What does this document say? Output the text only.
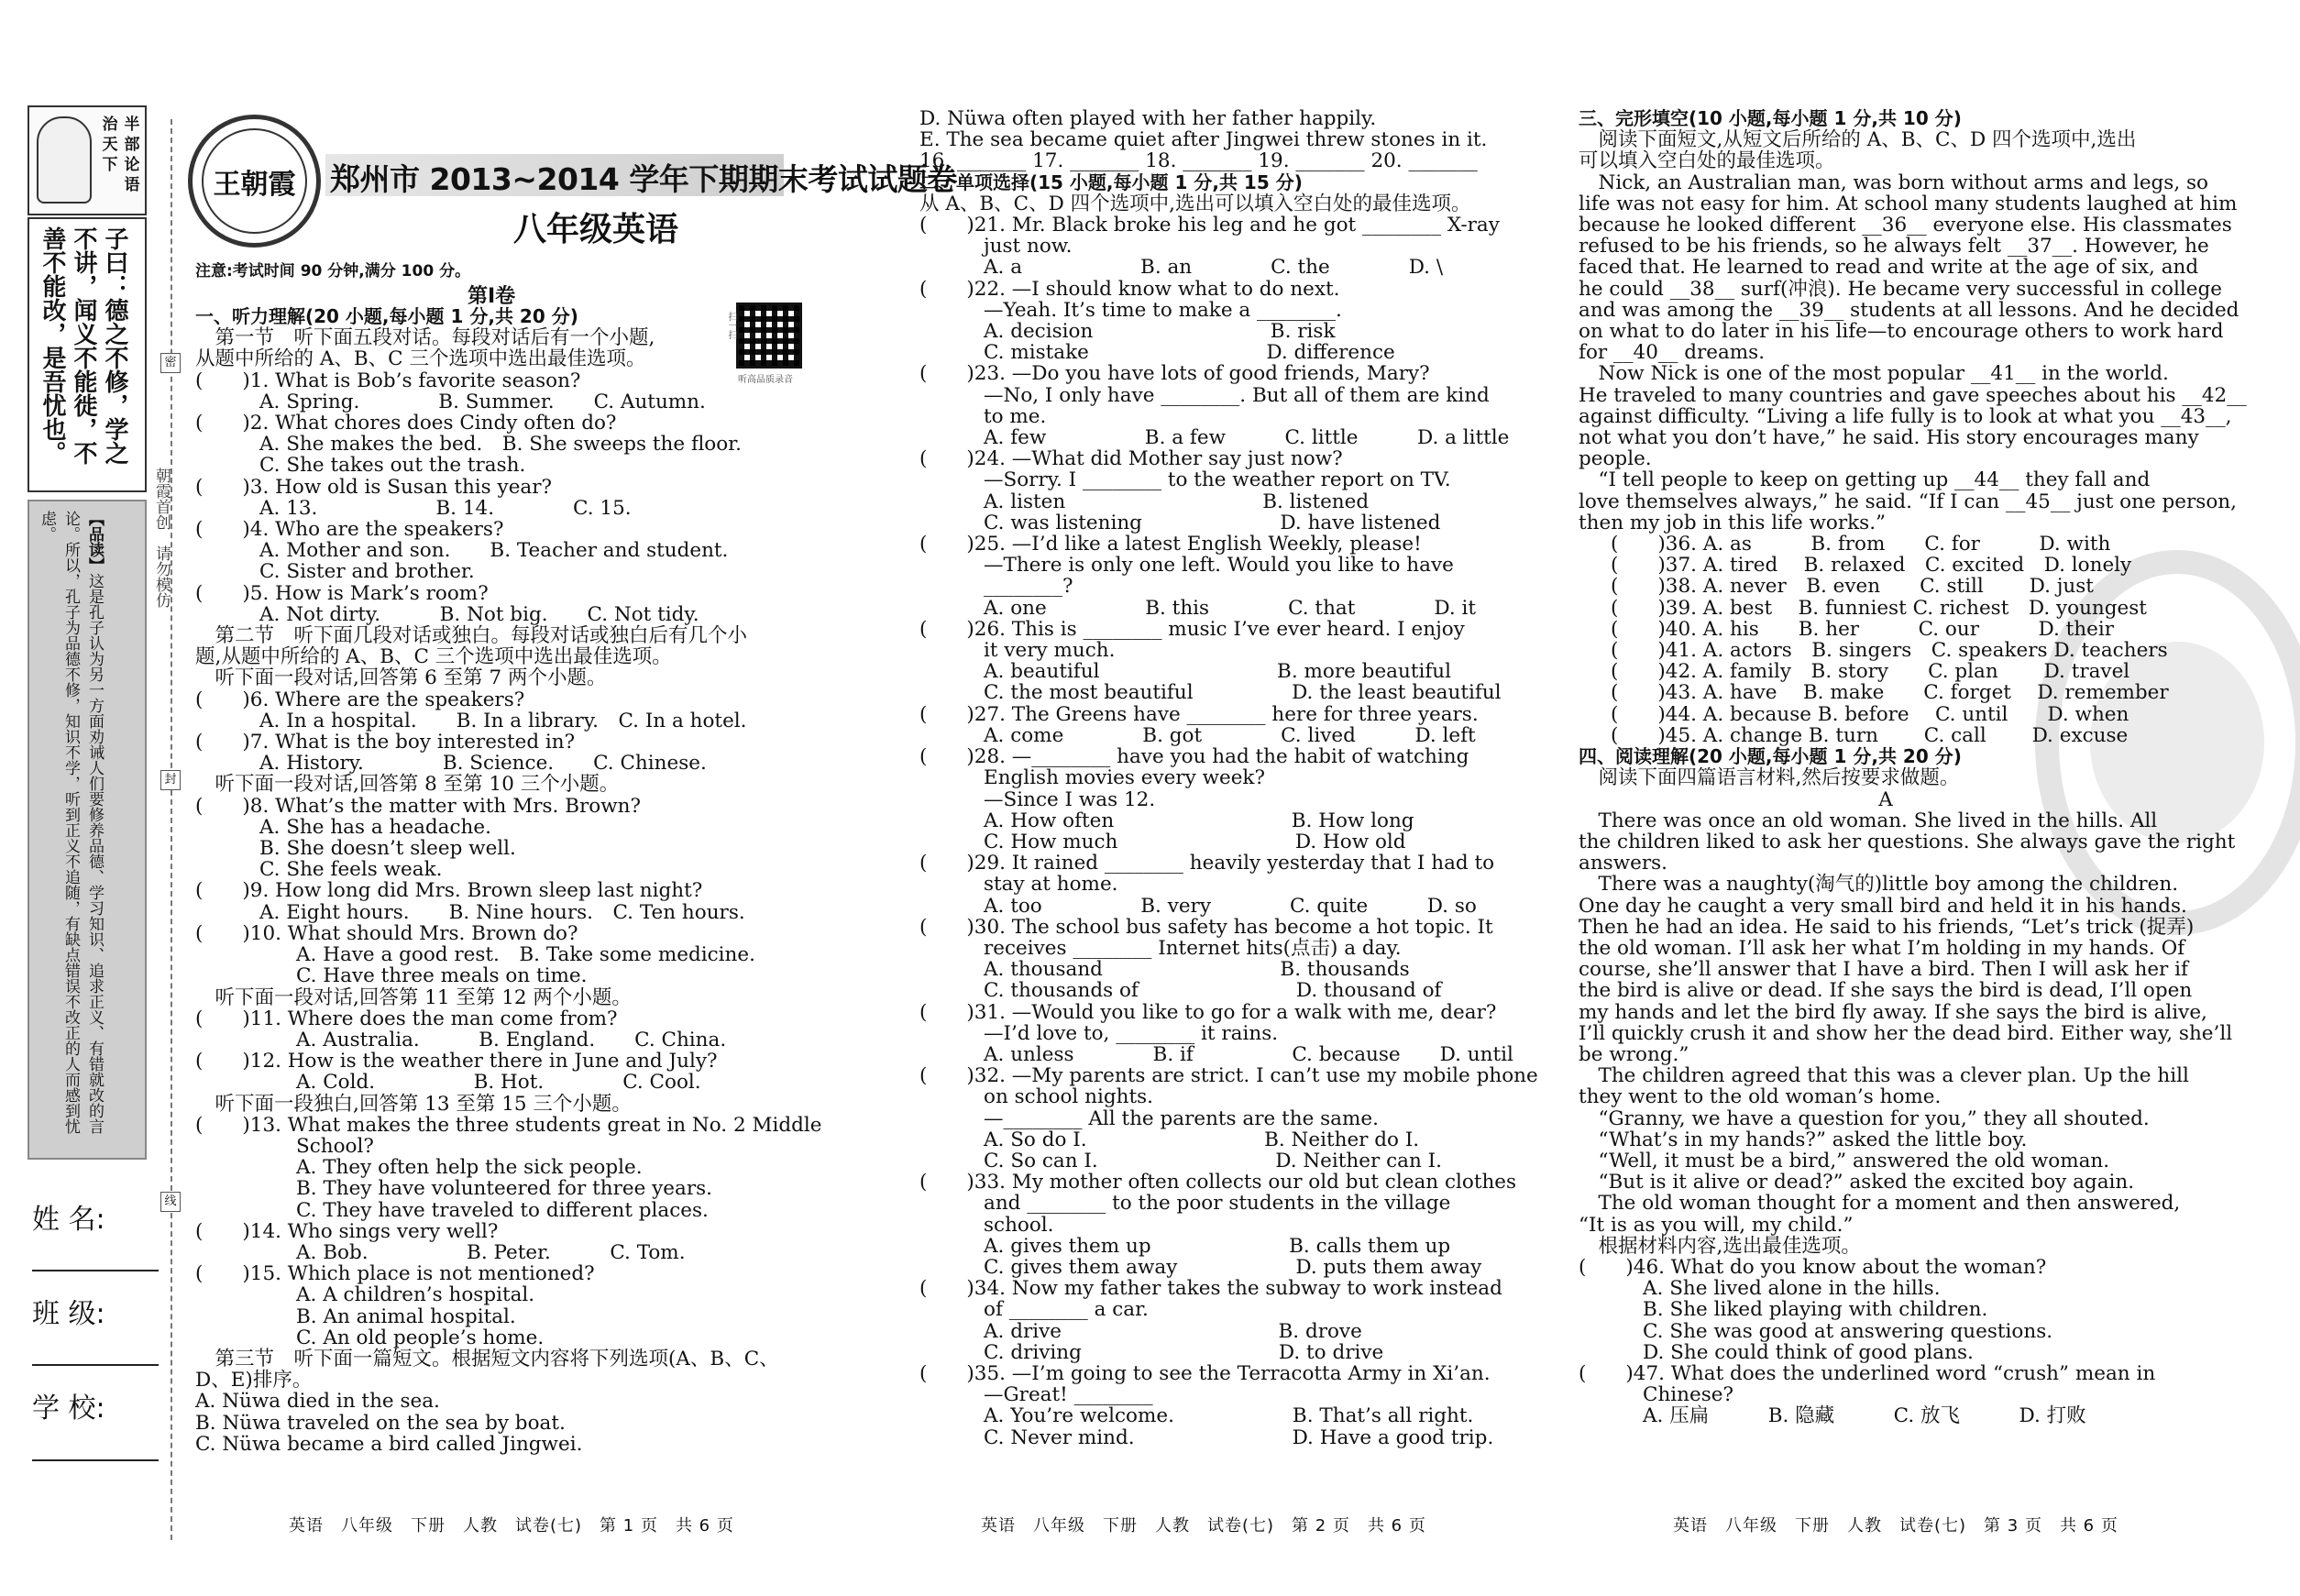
治天下
半部论语
子曰：德之不修，学之不讲，闻义不能徙，不善不能改，是吾忧也。
【品读】这是孔子认为另一方面劝诫人们要修养品德、学习知识、追求正义、有错就改的言论。所以，孔子为品德不修，知识不学，听到正义不追随，有缺点错误不改正的人而感到忧虑。	朝霞首创　请勿模仿
密
封
线
姓 名:
班 级:
学 校:
王朝霞	郑州市 2013~2014 学年下期期末考试试题卷
八年级英语
扫一扫
听高品质录音
注意:考试时间 90 分钟,满分 100 分。
第Ⅰ卷

一、听力理解(20 小题,每小题 1 分,共 20 分)

　第一节　听下面五段对话。每段对话后有一个小题,

从题中所给的 A、B、C 三个选项中选出最佳选项。

(　　)1. What is Bob’s favorite season?

A. Spring.　　　　B. Summer.　　C. Autumn.

(　　)2. What chores does Cindy often do?

A. She makes the bed.　B. She sweeps the floor.

C. She takes out the trash.

(　　)3. How old is Susan this year?

A. 13.　　　　　　B. 14.　　　　C. 15.

(　　)4. Who are the speakers?

A. Mother and son.　　B. Teacher and student.

C. Sister and brother.

(　　)5. How is Mark’s room?

A. Not dirty.　　　B. Not big.　　C. Not tidy.

　第二节　听下面几段对话或独白。每段对话或独白后有几个小

题,从题中所给的 A、B、C 三个选项中选出最佳选项。

　听下面一段对话,回答第 6 至第 7 两个小题。

(　　)6. Where are the speakers?

A. In a hospital.　　B. In a library.　C. In a hotel.

(　　)7. What is the boy interested in?

A. History.　　　　B. Science.　　C. Chinese.

　听下面一段对话,回答第 8 至第 10 三个小题。

(　　)8. What’s the matter with Mrs. Brown?

A. She has a headache.

B. She doesn’t sleep well.

C. She feels weak.

(　　)9. How long did Mrs. Brown sleep last night?

A. Eight hours.　　B. Nine hours.　C. Ten hours.

(　　)10. What should Mrs. Brown do?

A. Have a good rest.　B. Take some medicine.

C. Have three meals on time.

　听下面一段对话,回答第 11 至第 12 两个小题。

(　　)11. Where does the man come from?

A. Australia.　　　B. England.　　C. China.

(　　)12. How is the weather there in June and July?

A. Cold.　　　　　B. Hot.　　　　C. Cool.

　听下面一段独白,回答第 13 至第 15 三个小题。

(　　)13. What makes the three students great in No. 2 Middle

School?

A. They often help the sick people.

B. They have volunteered for three years.

C. They have traveled to different places.

(　　)14. Who sings very well?

A. Bob.　　　　　B. Peter.　　　C. Tom.

(　　)15. Which place is not mentioned?

A. A children’s hospital.

B. An animal hospital.

C. An old people’s home.

　第三节　听下面一篇短文。根据短文内容将下列选项(A、B、C、

D、E)排序。

A. Nüwa died in the sea.

B. Nüwa traveled on the sea by boat.

C. Nüwa became a bird called Jingwei.

D. Nüwa often played with her father happily.

E. The sea became quiet after Jingwei threw stones in it.

16. _______ 17. _______ 18. _______ 19. _______ 20. _______

二、单项选择(15 小题,每小题 1 分,共 15 分)

从 A、B、C、D 四个选项中,选出可以填入空白处的最佳选项。

(　　)21. Mr. Black broke his leg and he got ________ X-ray

just now.

A. a　　　　　　B. an　　　　C. the　　　　D. \

(　　)22. —I should know what to do next.

—Yeah. It’s time to make a ________.

A. decision　　　　　　　　　B. risk

C. mistake　　　　　　　　　D. difference

(　　)23. —Do you have lots of good friends, Mary?

—No, I only have ________. But all of them are kind

to me.

A. few　　　　　B. a few　　　C. little　　　D. a little

(　　)24. —What did Mother say just now?

—Sorry. I ________ to the weather report on TV.

A. listen　　　　　　　　　　B. listened

C. was listening　　　　　　　D. have listened

(　　)25. —I’d like a latest English Weekly, please!

—There is only one left. Would you like to have

________?

A. one　　　　　B. this　　　　C. that　　　　D. it

(　　)26. This is ________ music I’ve ever heard. I enjoy

it very much.

A. beautiful　　　　　　　　　B. more beautiful

C. the most beautiful　　　　　D. the least beautiful

(　　)27. The Greens have ________ here for three years.

A. come　　　　B. got　　　　C. lived　　　D. left

(　　)28. —________ have you had the habit of watching

English movies every week?

—Since I was 12.

A. How often　　　　　　　　　B. How long

C. How much　　　　　　　　　D. How old

(　　)29. It rained ________ heavily yesterday that I had to

stay at home.

A. too　　　　　B. very　　　　C. quite　　　D. so

(　　)30. The school bus safety has become a hot topic. It

receives ________ Internet hits(点击) a day.

A. thousand　　　　　　　　　B. thousands

C. thousands of　　　　　　　　D. thousand of

(　　)31. —Would you like to go for a walk with me, dear?

—I’d love to, ________ it rains.

A. unless　　　　B. if　　　　　C. because　　D. until

(　　)32. —My parents are strict. I can’t use my mobile phone

on school nights.

—________ All the parents are the same.

A. So do I.　　　　　　　　　B. Neither do I.

C. So can I.　　　　　　　　　D. Neither can I.

(　　)33. My mother often collects our old but clean clothes

and ________ to the poor students in the village

school.

A. gives them up　　　　　　　B. calls them up

C. gives them away　　　　　　D. puts them away

(　　)34. Now my father takes the subway to work instead

of ________ a car.

A. drive　　　　　　　　　　　B. drove

C. driving　　　　　　　　　　D. to drive

(　　)35. —I’m going to see the Terracotta Army in Xi’an.

—Great! ________

A. You’re welcome.　　　　　　B. That’s all right.

C. Never mind.　　　　　　　　D. Have a good trip.

三、完形填空(10 小题,每小题 1 分,共 10 分)

　阅读下面短文,从短文后所给的 A、B、C、D 四个选项中,选出

可以填入空白处的最佳选项。

　Nick, an Australian man, was born without arms and legs, so

life was not easy for him. At school many students laughed at him

because he looked different __36__ everyone else. His classmates

refused to be his friends, so he always felt __37__. However, he

faced that. He learned to read and write at the age of six, and

he could __38__ surf(冲浪). He became very successful in college

and was among the __39__ students at all lessons. And he decided

on what to do later in his life—to encourage others to work hard

for __40__ dreams.

　Now Nick is one of the most popular __41__ in the world.

He traveled to many countries and gave speeches about his __42__

against difficulty. “Living a life fully is to look at what you __43__,

not what you don’t have,” he said. His story encourages many

people.

　“I tell people to keep on getting up __44__ they fall and

love themselves always,” he said. “If I can __45__ just one person,

then my job in this life works.”

(　　)36. A. as　　　B. from　　C. for　　　D. with

(　　)37. A. tired　 B. relaxed　C. excited　D. lonely

(　　)38. A. never　B. even　　C. still　　 D. just

(　　)39. A. best　 B. funniest C. richest　D. youngest

(　　)40. A. his　　B. her　　　C. our　　　D. their

(　　)41. A. actors　B. singers　C. speakers D. teachers

(　　)42. A. family　B. story　　C. plan　　 D. travel

(　　)43. A. have　 B. make　　C. forget　 D. remember

(　　)44. A. because B. before　 C. until　　D. when

(　　)45. A. change B. turn　　 C. call　　 D. excuse

四、阅读理解(20 小题,每小题 1 分,共 20 分)

　阅读下面四篇语言材料,然后按要求做题。

A

　There was once an old woman. She lived in the hills. All

the children liked to ask her questions. She always gave the right

answers.

　There was a naughty(淘气的)little boy among the children.

One day he caught a very small bird and held it in his hands.

Then he had an idea. He said to his friends, “Let’s trick (捉弄)

the old woman. I’ll ask her what I’m holding in my hands. Of

course, she’ll answer that I have a bird. Then I will ask her if

the bird is alive or dead. If she says the bird is dead, I’ll open

my hands and let the bird fly away. If she says the bird is alive,

I’ll quickly crush it and show her the dead bird. Either way, she’ll

be wrong.”

　The children agreed that this was a clever plan. Up the hill

they went to the old woman’s home.

　“Granny, we have a question for you,” they all shouted.

　“What’s in my hands?” asked the little boy.

　“Well, it must be a bird,” answered the old woman.

　“But is it alive or dead?” asked the excited boy again.

　The old woman thought for a moment and then answered,

“It is as you will, my child.”

　根据材料内容,选出最佳选项。

(　　)46. What do you know about the woman?

A. She lived alone in the hills.

B. She liked playing with children.

C. She was good at answering questions.

D. She could think of good plans.

(　　)47. What does the underlined word “crush” mean in

Chinese?

A. 压扁　　　B. 隐藏　　　C. 放飞　　　D. 打败

英语　八年级　下册　人教　试卷(七)　第 1 页　共 6 页	英语　八年级　下册　人教　试卷(七)　第 2 页　共 6 页	英语　八年级　下册　人教　试卷(七)　第 3 页　共 6 页
